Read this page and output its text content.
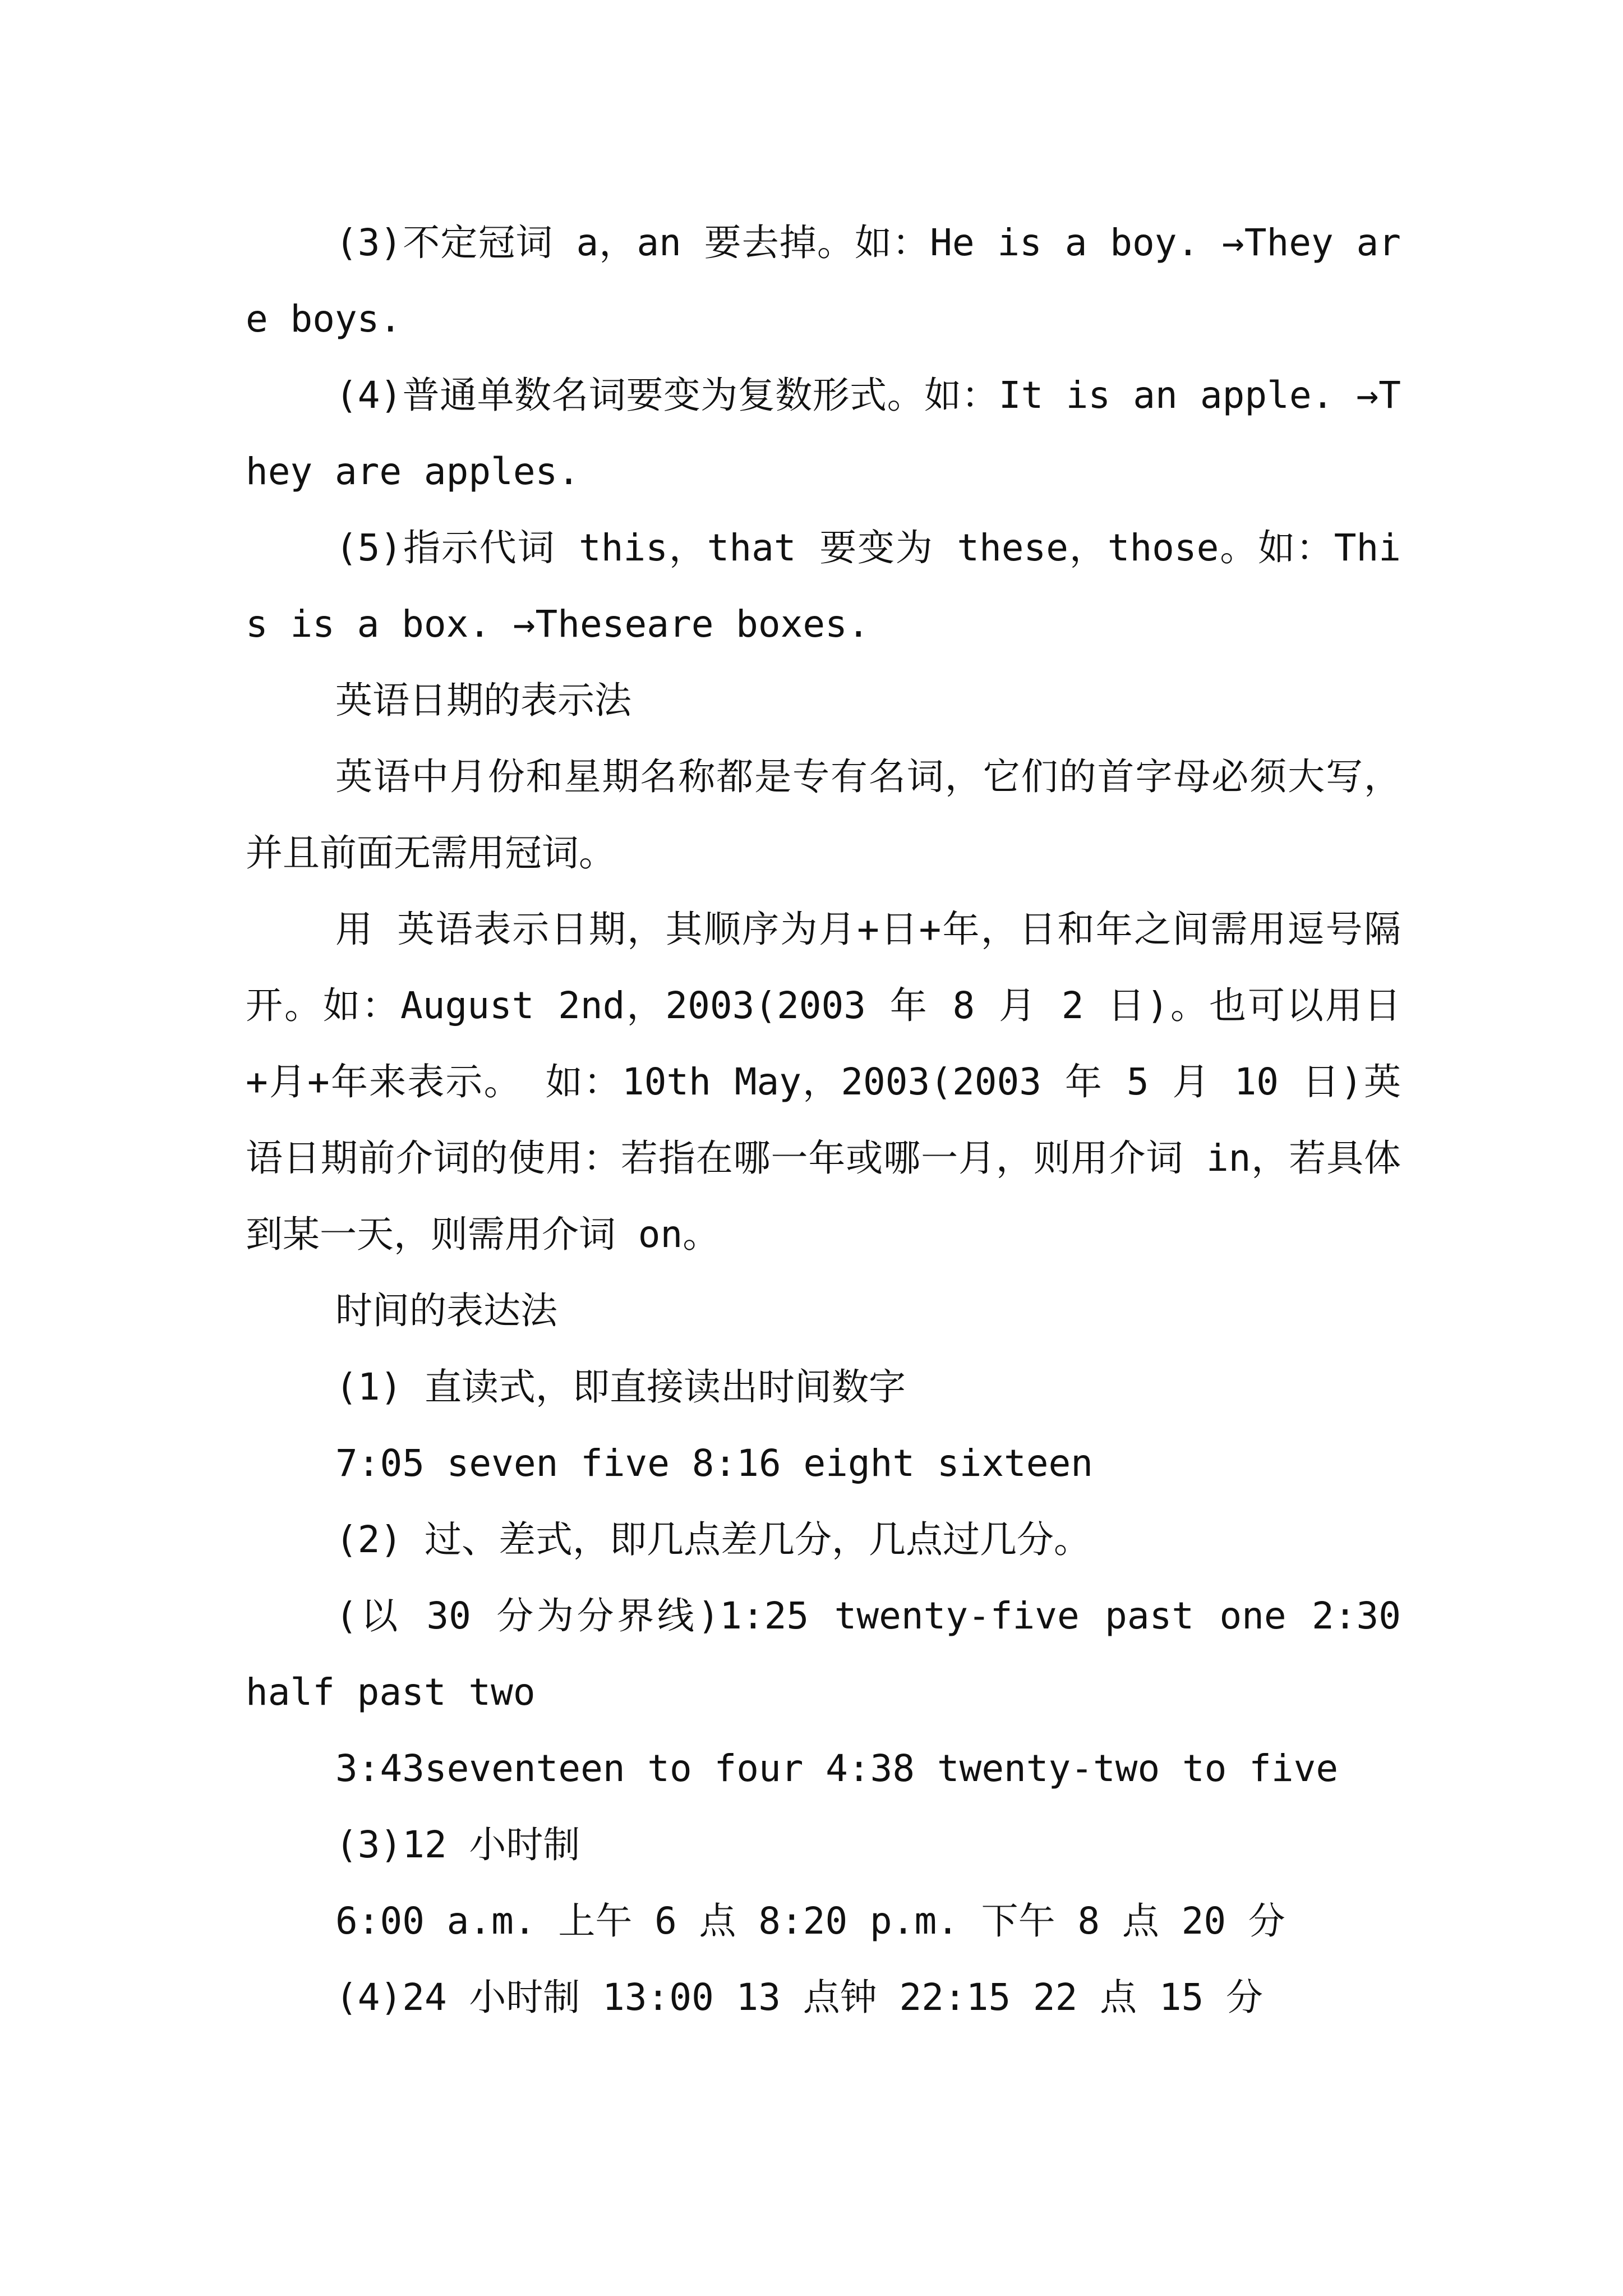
(3)不定冠词 a，an 要去掉。如：He is a boy. →They are boys.

(4)普通单数名词要变为复数形式。如：It is an apple. →They are apples.

(5)指示代词 this，that 要变为 these，those。如：This is a box. →Theseare boxes.

英语日期的表示法

英语中月份和星期名称都是专有名词，它们的首字母必须大写，并且前面无需用冠词。

用 英语表示日期，其顺序为月+日+年，日和年之间需用逗号隔开。如：August 2nd，2003(2003 年 8 月 2 日)。也可以用日+月+年来表示。 如：10th May，2003(2003 年 5 月 10 日)英语日期前介词的使用：若指在哪一年或哪一月，则用介词 in，若具体到某一天，则需用介词 on。

时间的表达法

(1) 直读式，即直接读出时间数字

7:05 seven five 8:16 eight sixteen

(2) 过、差式，即几点差几分，几点过几分。

(以 30 分为分界线)1:25 twenty-five past one 2:30 half past two

3:43seventeen to four 4:38 twenty-two to five

(3)12 小时制

6:00 a.m. 上午 6 点 8:20 p.m. 下午 8 点 20 分

(4)24 小时制 13:00 13 点钟 22:15 22 点 15 分
